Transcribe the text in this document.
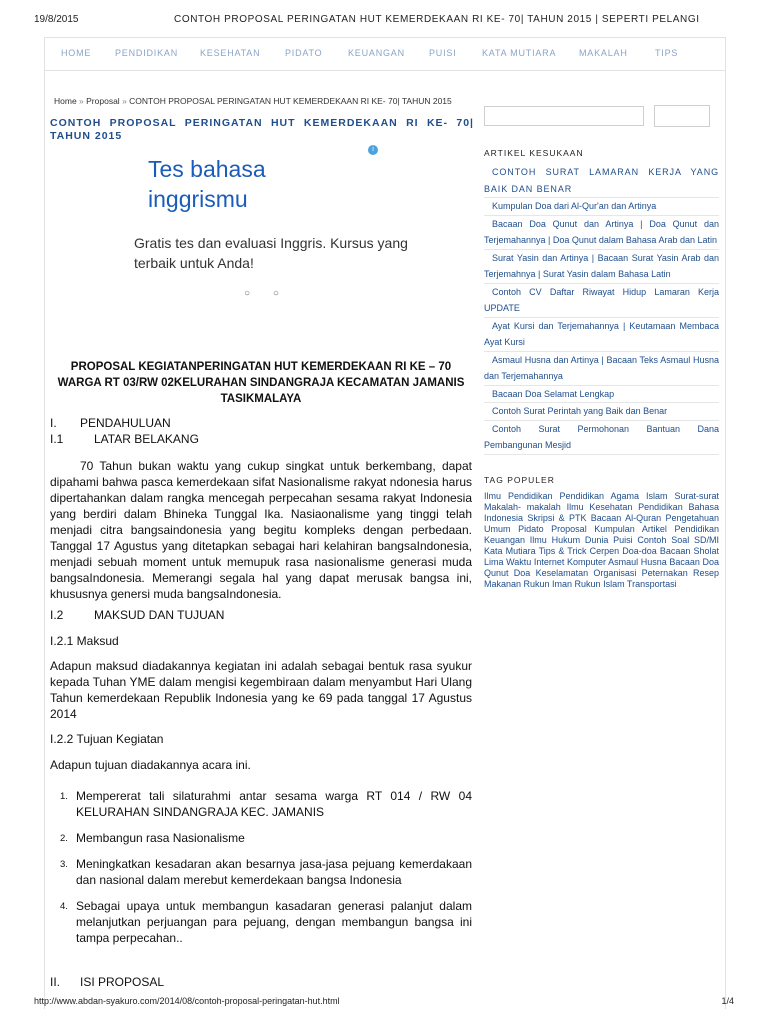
19/8/2015	CONTOH PROPOSAL PERINGATAN HUT KEMERDEKAAN RI KE- 70| TAHUN 2015 | SEPERTI PELANGI
HOME	PENDIDIKAN KESEHATAN	PIDATO	KEUANGAN	PUISI	KATA MUTIARA	MAKALAH	TIPS
Home » Proposal » CONTOH PROPOSAL PERINGATAN HUT KEMERDEKAAN RI KE- 70| TAHUN 2015
CONTOH PROPOSAL PERINGATAN HUT KEMERDEKAAN RI KE- 70| TAHUN 2015
i
Tes bahasa inggrismu
Gratis tes dan evaluasi Inggris. Kursus yang terbaik untuk Anda!
○ ○
PROPOSAL KEGIATANPERINGATAN HUT KEMERDEKAAN RI KE – 70 WARGA RT 03/RW 02KELURAHAN SINDANGRAJA KECAMATAN JAMANIS TASIKMALAYA
I. PENDAHULUAN
I.1	LATAR BELAKANG
70 Tahun bukan waktu yang cukup singkat untuk berkembang, dapat dipahami bahwa pasca kemerdekaan sifat Nasionalisme rakyat ndonesia harus dipertahankan dalam rangka mencegah perpecahan sesama rakyat Indonesia yang berdiri dalam Bhineka Tunggal Ika. Nasiaonalisme yang tinggi telah menjadi citra bangsaindonesia yang begitu kompleks dengan perbedaan. Tanggal 17 Agustus yang ditetapkan sebagai hari kelahiran bangsaIndonesia, menjadi sebuah moment untuk memupuk rasa nasionalisme generasi muda bangsaIndonesia. Memerangi segala hal yang dapat merusak bangsa ini, khususnya genersi muda bangsaIndonesia.
I.2	MAKSUD DAN TUJUAN
I.2.1 Maksud
Adapun maksud diadakannya kegiatan ini adalah sebagai bentuk rasa syukur kepada Tuhan YME dalam mengisi kegembiraan dalam menyambut Hari Ulang Tahun kemerdekaan Republik Indonesia yang ke 69 pada tanggal 17 Agustus 2014
I.2.2 Tujuan Kegiatan
Adapun tujuan diadakannya acara ini.
1. Mempererat tali silaturahmi antar sesama warga RT 014 / RW 04 KELURAHAN SINDANGRAJA KEC. JAMANIS
2. Membangun rasa Nasionalisme
3. Meningkatkan kesadaran akan besarnya jasa-jasa pejuang kemerdakaan dan nasional dalam merebut kemerdekaan bangsa Indonesia
4. Sebagai upaya untuk membangun kasadaran generasi palanjut dalam melanjutkan perjuangan para pejuang, dengan membangun bangsa ini tampa perpecahan..
II. ISI PROPOSAL
ARTIKEL KESUKAAN
CONTOH SURAT LAMARAN KERJA YANG BAIK DAN BENAR
Kumpulan Doa dari Al-Qur'an dan Artinya
Bacaan Doa Qunut dan Artinya | Doa Qunut dan Terjemahannya | Doa Qunut dalam Bahasa Arab dan Latin
Surat Yasin dan Artinya | Bacaan Surat Yasin Arab dan Terjemahnya | Surat Yasin dalam Bahasa Latin
Contoh CV Daftar Riwayat Hidup Lamaran Kerja UPDATE
Ayat Kursi dan Terjemahannya | Keutamaan Membaca Ayat Kursi
Asmaul Husna dan Artinya | Bacaan Teks Asmaul Husna dan Terjemahannya
Bacaan Doa Selamat Lengkap
Contoh Surat Perintah yang Baik dan Benar
Contoh Surat Permohonan Bantuan Dana Pembangunan Mesjid
TAG POPULER
Ilmu Pendidikan Pendidikan Agama Islam Surat-surat Makalah- makalah Ilmu Kesehatan Pendidikan Bahasa Indonesia Skripsi & PTK Bacaan Al-Quran Pengetahuan Umum Pidato Proposal Kumpulan Artikel Pendidikan Keuangan Ilmu Hukum Dunia Puisi Contoh Soal SD/MI Kata Mutiara Tips & Trick Cerpen Doa-doa Bacaan Sholat Lima Waktu Internet Komputer Asmaul Husna Bacaan Doa Qunut Doa Keselamatan Organisasi Peternakan Resep Makanan Rukun Iman Rukun Islam Transportasi
http://www.abdan-syakuro.com/2014/08/contoh-proposal-peringatan-hut.html	1/4
